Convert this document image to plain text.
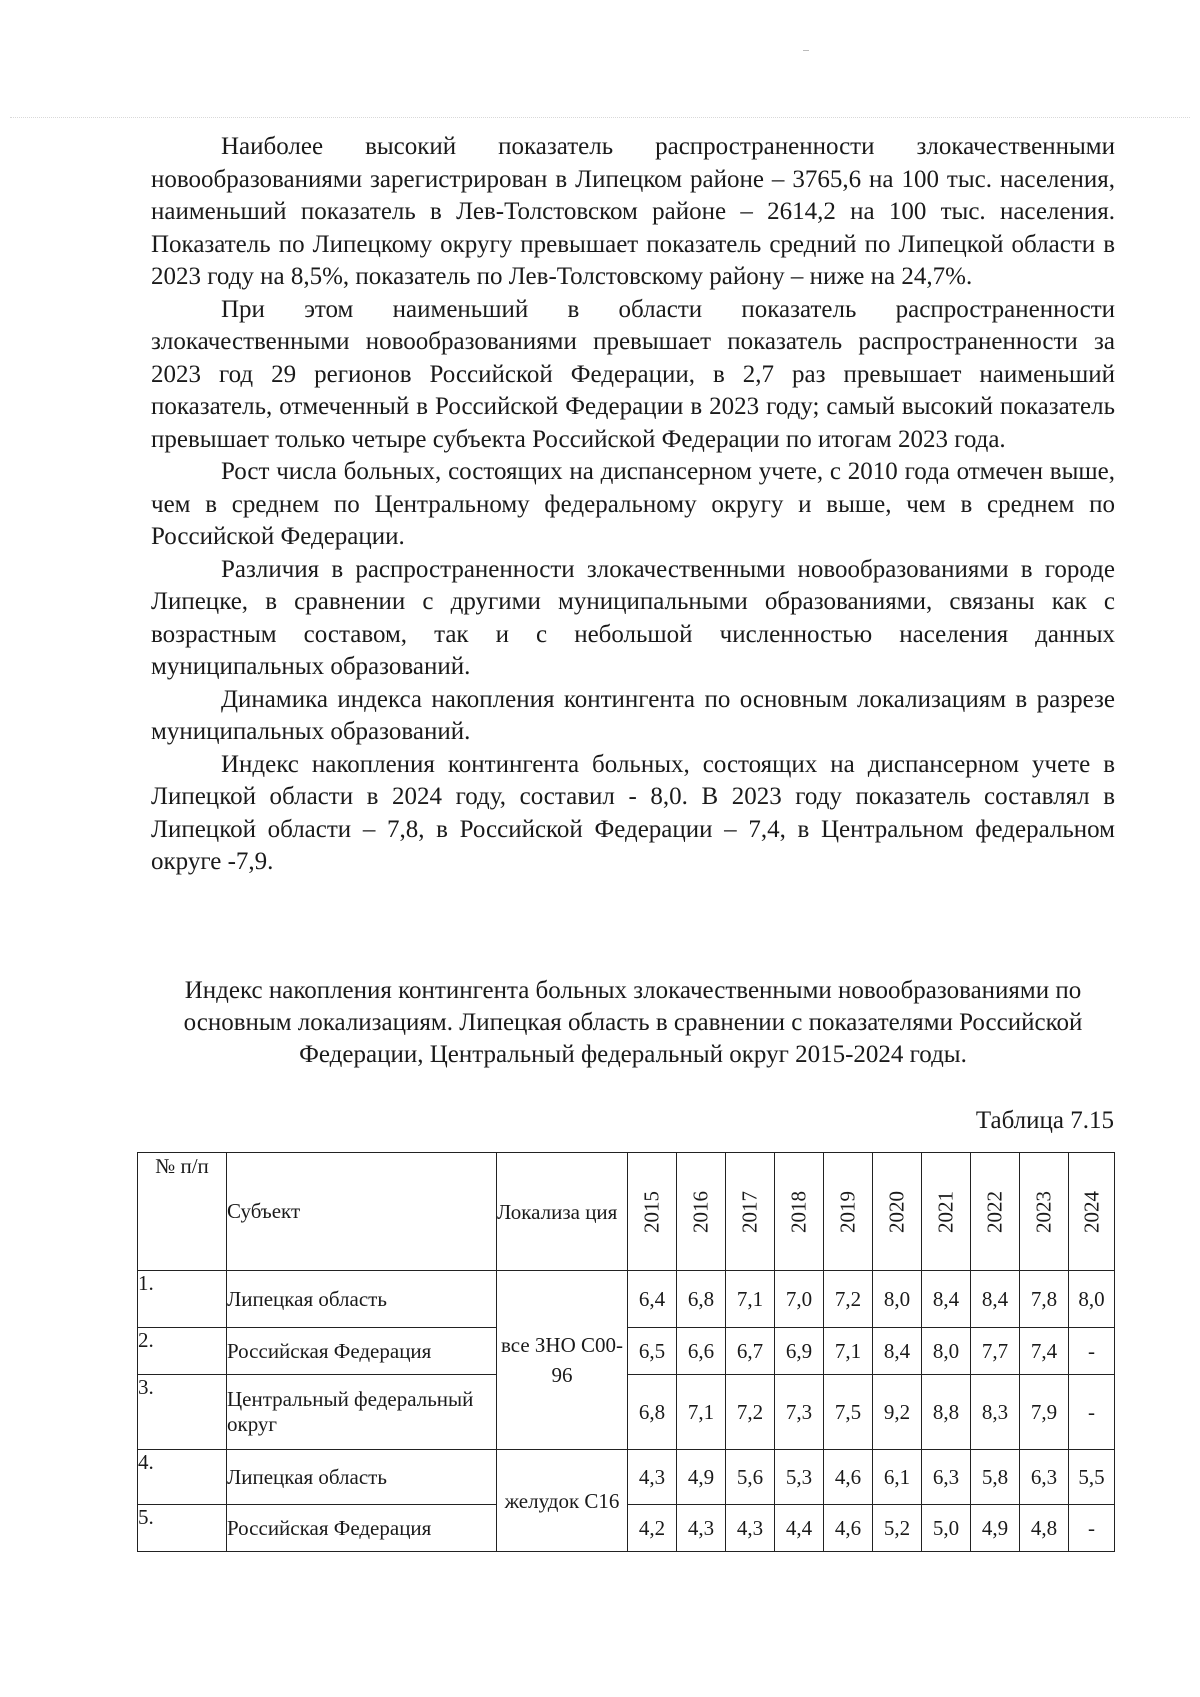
Наиболее высокий показатель распространенности злокачественными новообразованиями зарегистрирован в Липецком районе – 3765,6 на 100 тыс. населения, наименьший показатель в Лев-Толстовском районе – 2614,2 на 100 тыс. населения. Показатель по Липецкому округу превышает показатель средний по Липецкой области в 2023 году на 8,5%, показатель по Лев-Толстовскому району – ниже на 24,7%.

При этом наименьший в области показатель распространенности злокачественными новообразованиями превышает показатель распространенности за 2023 год 29 регионов Российской Федерации, в 2,7 раз превышает наименьший показатель, отмеченный в Российской Федерации в 2023 году; самый высокий показатель превышает только четыре субъекта Российской Федерации по итогам 2023 года.

Рост числа больных, состоящих на диспансерном учете, с 2010 года отмечен выше, чем в среднем по Центральному федеральному округу и выше, чем в среднем по Российской Федерации.

Различия в распространенности злокачественными новообразованиями в городе Липецке, в сравнении с другими муниципальными образованиями, связаны как с возрастным составом, так и с небольшой численностью населения данных муниципальных образований.

Динамика индекса накопления контингента по основным локализациям в разрезе муниципальных образований.

Индекс накопления контингента больных, состоящих на диспансерном учете в Липецкой области в 2024 году, составил - 8,0. В 2023 году показатель составлял в Липецкой области – 7,8, в Российской Федерации – 7,4, в Центральном федеральном округе -7,9.

Индекс накопления контингента больных злокачественными новообразованиями по основным локализациям. Липецкая область в сравнении с показателями Российской Федерации, Центральный федеральный округ 2015-2024 годы.
Таблица 7.15
№ п/п	Субъект	Локализа ция	2015	2016	2017	2018	2019	2020	2021	2022	2023	2024

1.	Липецкая область	все ЗНО С00-96	6,4	6,8	7,1	7,0	7,2	8,0	8,4	8,4	7,8	8,0
2.	Российская Федерация		6,5	6,6	6,7	6,9	7,1	8,4	8,0	7,7	7,4	-
3.	Центральный федеральный округ		6,8	7,1	7,2	7,3	7,5	9,2	8,8	8,3	7,9	-
4.	Липецкая область	желудок С16	4,3	4,9	5,6	5,3	4,6	6,1	6,3	5,8	6,3	5,5
5.	Российская Федерация		4,2	4,3	4,3	4,4	4,6	5,2	5,0	4,9	4,8	-
